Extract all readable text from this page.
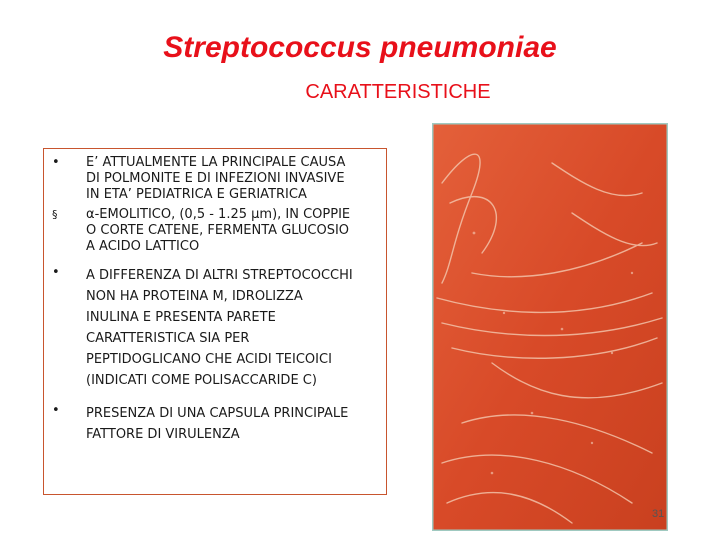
Streptococcus pneumoniae
CARATTERISTICHE
•	E’ ATTUALMENTE LA PRINCIPALE CAUSA
DI POLMONITE E DI INFEZIONI INVASIVE
IN ETA’ PEDIATRICA E GERIATRICA
§	α-EMOLITICO, (0,5 - 1.25 μm), IN COPPIE
O CORTE CATENE, FERMENTA GLUCOSIO
A ACIDO LATTICO
•	A DIFFERENZA DI ALTRI STREPTOCOCCHI
NON HA PROTEINA M, IDROLIZZA
INULINA E PRESENTA PARETE
CARATTERISTICA SIA PER
PEPTIDOGLICANO CHE ACIDI TEICOICI
(INDICATI COME POLISACCARIDE C)
•	PRESENZA DI UNA CAPSULA PRINCIPALE
FATTORE DI VIRULENZA
31
